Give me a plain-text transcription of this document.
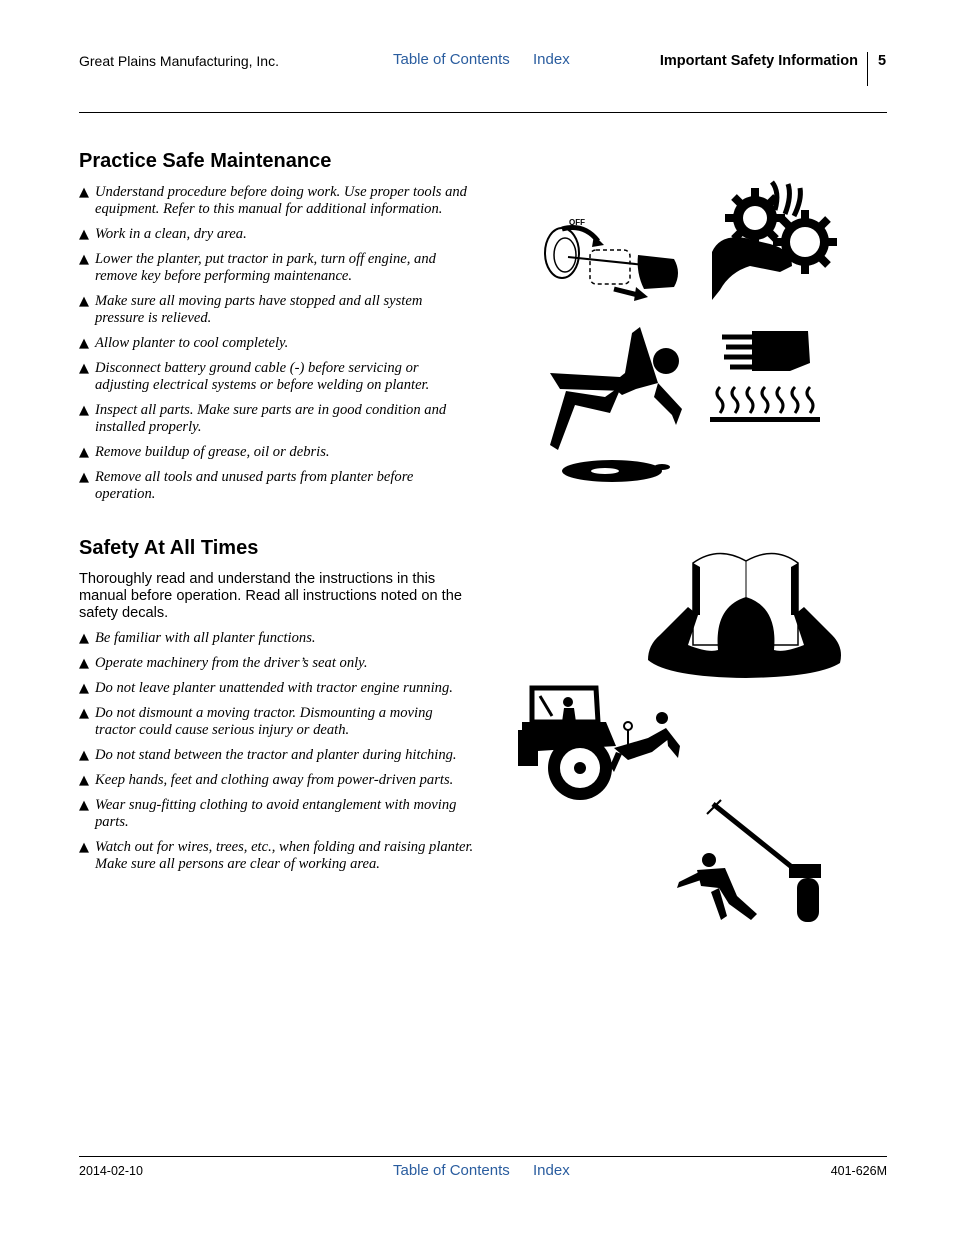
Great Plains Manufacturing, Inc.	Table of Contents Index	Important Safety Information 5
Practice Safe Maintenance
▲ Understand procedure before doing work. Use proper tools and equipment. Refer to this manual for additional information.
▲ Work in a clean, dry area.
▲ Lower the planter, put tractor in park, turn off engine, and remove key before performing maintenance.
▲ Make sure all moving parts have stopped and all system pressure is relieved.
▲ Allow planter to cool completely.
▲ Disconnect battery ground cable (-) before servicing or adjusting electrical systems or before welding on planter.
▲ Inspect all parts. Make sure parts are in good condition and installed properly.
▲ Remove buildup of grease, oil or debris.
▲ Remove all tools and unused parts from planter before operation.
Safety At All Times

Thoroughly read and understand the instructions in this manual before operation. Read all instructions noted on the safety decals.

▲ Be familiar with all planter functions.
▲ Operate machinery from the driver’s seat only.
▲ Do not leave planter unattended with tractor engine running.
▲ Do not dismount a moving tractor. Dismounting a moving tractor could cause serious injury or death.
▲ Do not stand between the tractor and planter during hitching.
▲ Keep hands, feet and clothing away from power-driven parts.
▲ Wear snug-fitting clothing to avoid entanglement with moving parts.
▲ Watch out for wires, trees, etc., when folding and raising planter. Make sure all persons are clear of working area.
OFF
2014-02-10	Table of Contents Index	401-626M
